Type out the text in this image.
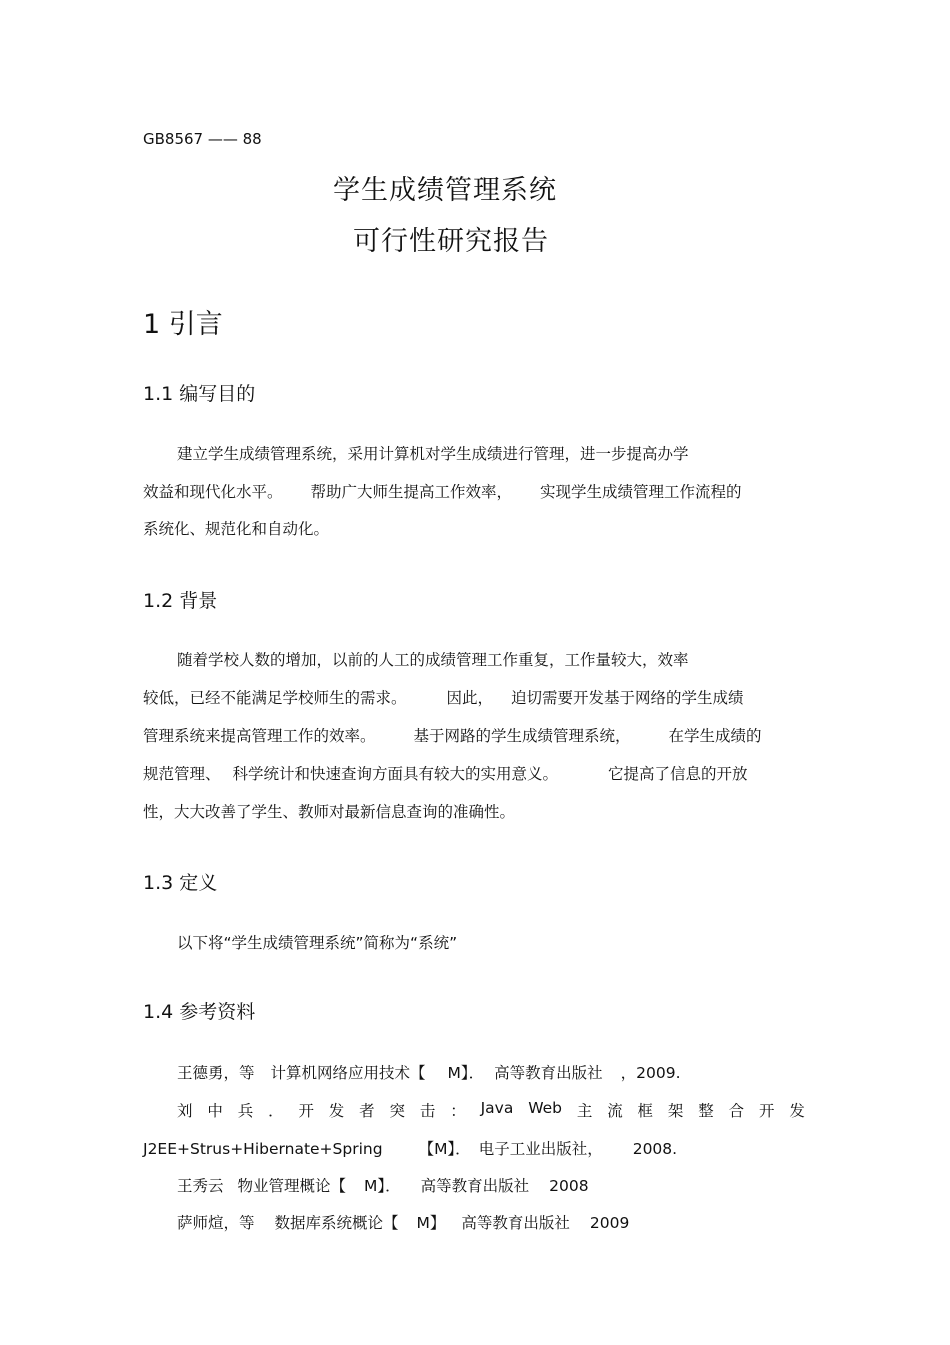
GB8567 —— 88
学生成绩管理系统
可行性研究报告
1 引言
1.1 编写目的
建立学生成绩管理系统，采用计算机对学生成绩进行管理，进一步提高办学
效益和现代化水平。 帮助广大师生提高工作效率， 实现学生成绩管理工作流程的
系统化、规范化和自动化。
1.2 背景
随着学校人数的增加，以前的人工的成绩管理工作重复，工作量较大，效率
较低，已经不能满足学校师生的需求。	因此， 迫切需要开发基于网络的学生成绩
管理系统来提高管理工作的效率。 基于网路的学生成绩管理系统， 在学生成绩的
规范管理、 科学统计和快速查询方面具有较大的实用意义。	它提高了信息的开放
性，大大改善了学生、教师对最新信息查询的准确性。
1.3 定义
以下将“学生成绩管理系统”简称为“系统”
1.4 参考资料
王德勇，等 计算机网络应用技术【 M】． 高等教育出版社 ，2009.
刘 中 兵 ． 开 发 者 突 击 ： Java Web 主 流 框 架 整 合 开 发
J2EE+Strus+Hibernate+Spring 【M】． 电子工业出版社， 2008.
王秀云 物业管理概论【 M】． 高等教育出版社 2008
萨师煊，等 数据库系统概论【 M】 高等教育出版社 2009
